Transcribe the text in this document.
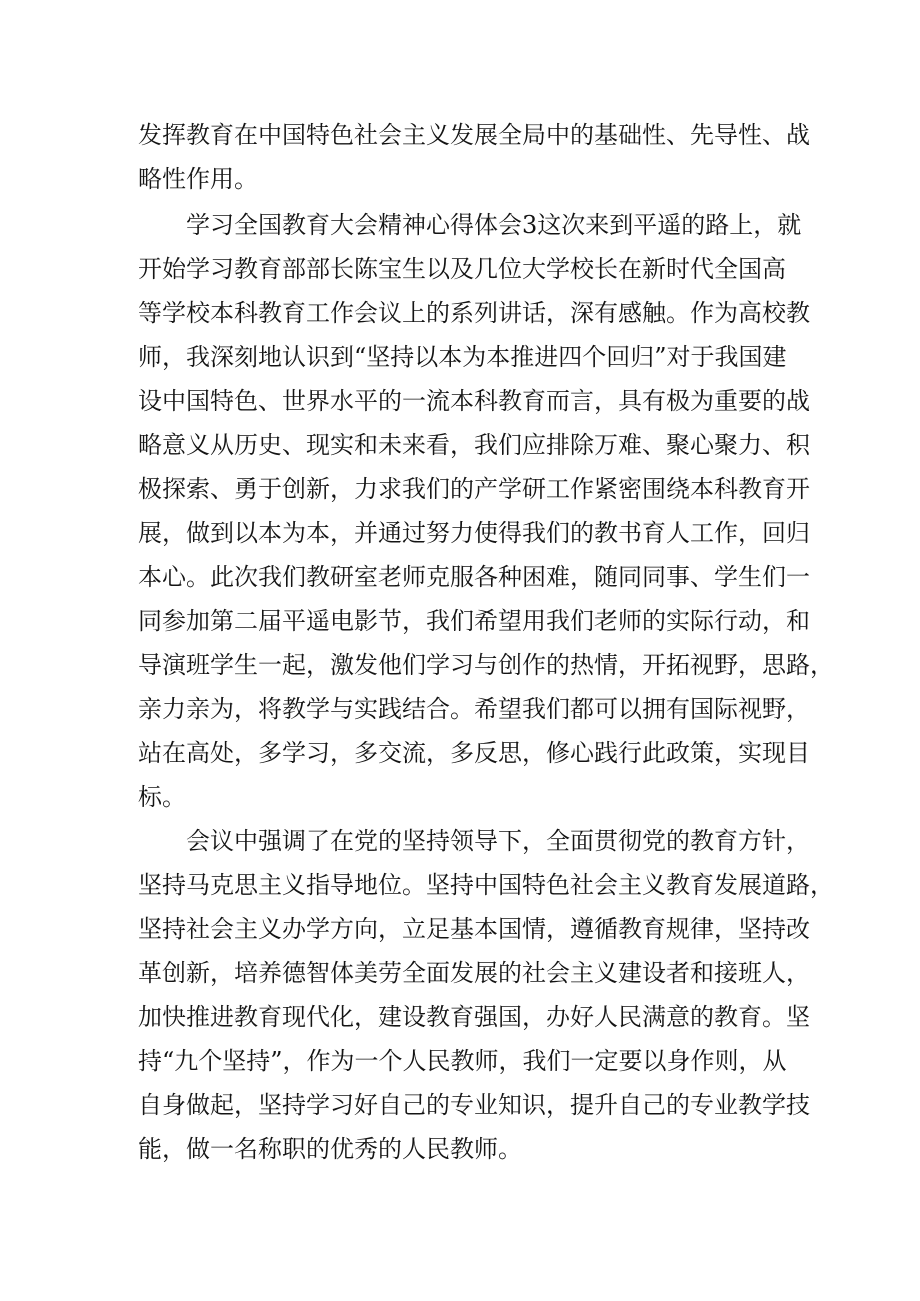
发挥教育在中国特色社会主义发展全局中的基础性、先导性、战

略性作用。

学习全国教育大会精神心得体会3这次来到平遥的路上，就

开始学习教育部部长陈宝生以及几位大学校长在新时代全国高

等学校本科教育工作会议上的系列讲话，深有感触。作为高校教

师，我深刻地认识到“坚持以本为本推进四个回归”对于我国建

设中国特色、世界水平的一流本科教育而言，具有极为重要的战

略意义从历史、现实和未来看，我们应排除万难、聚心聚力、积

极探索、勇于创新，力求我们的产学研工作紧密围绕本科教育开

展，做到以本为本，并通过努力使得我们的教书育人工作，回归

本心。此次我们教研室老师克服各种困难，随同同事、学生们一

同参加第二届平遥电影节，我们希望用我们老师的实际行动，和

导演班学生一起，激发他们学习与创作的热情，开拓视野，思路，

亲力亲为，将教学与实践结合。希望我们都可以拥有国际视野，

站在高处，多学习，多交流，多反思，修心践行此政策，实现目

标。

会议中强调了在党的坚持领导下，全面贯彻党的教育方针，

坚持马克思主义指导地位。坚持中国特色社会主义教育发展道路，

坚持社会主义办学方向，立足基本国情，遵循教育规律，坚持改

革创新，培养德智体美劳全面发展的社会主义建设者和接班人，

加快推进教育现代化，建设教育强国，办好人民满意的教育。坚

持“九个坚持”，作为一个人民教师，我们一定要以身作则，从

自身做起，坚持学习好自己的专业知识，提升自己的专业教学技

能，做一名称职的优秀的人民教师。
